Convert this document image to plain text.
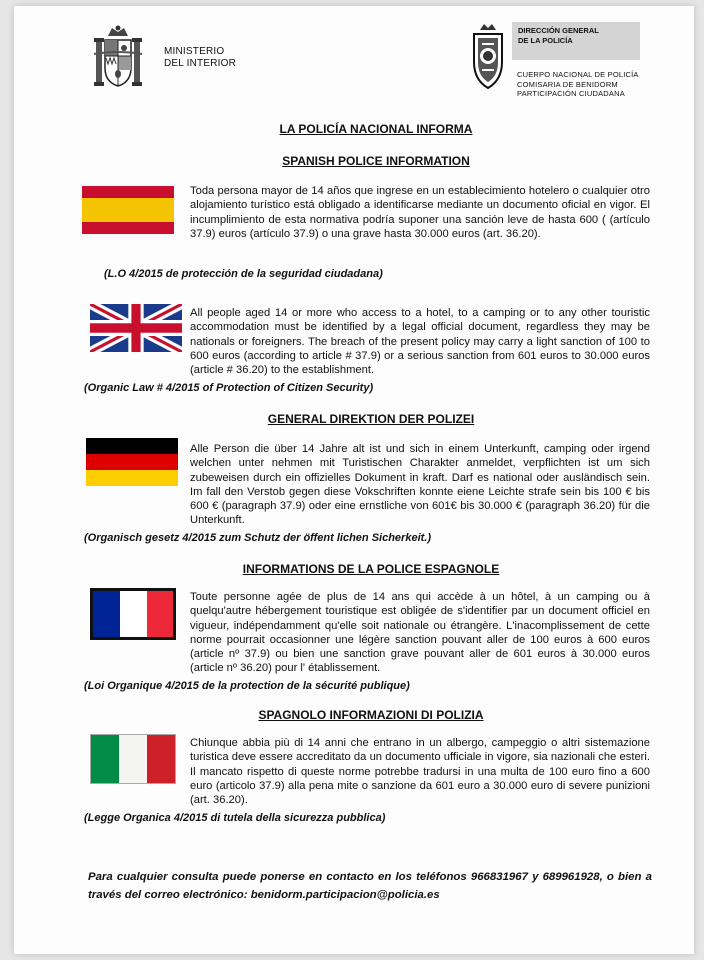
MINISTERIO
DEL INTERIOR
DIRECCIÓN GENERAL
DE LA POLICÍA
CUERPO NACIONAL DE POLICÍA
COMISARIA DE BENIDORM
PARTICIPACIÓN CIUDADANA
LA POLICÍA NACIONAL INFORMA
SPANISH POLICE INFORMATION
Toda persona mayor de 14 años que ingrese en un establecimiento hotelero o cualquier otro alojamiento turístico está obligado a identificarse mediante un documento oficial en vigor. El incumplimiento de esta normativa podría suponer una sanción leve de hasta 600 ( (artículo 37.9) euros (artículo 37.9) o una grave hasta 30.000 euros (art. 36.20).
(L.O 4/2015 de protección de la seguridad ciudadana)
All people aged 14 or more who access to a hotel, to a camping or to any other touristic accommodation must be identified by a legal official document, regardless they may be nationals or foreigners. The breach of the present policy may carry a light sanction of 100 to 600 euros (according to article # 37.9) or a serious sanction from 601 euros to 30.000 euros (article # 36.20) to the establishment.
(Organic Law # 4/2015 of Protection of Citizen Security)
GENERAL DIREKTION DER POLIZEI
Alle Person die über 14 Jahre alt ist und sich in einem Unterkunft, camping oder irgend welchen unter nehmen mit Turistischen Charakter anmeldet, verpflichten ist um sich zubeweisen durch ein offizielles Dokument in kraft. Darf es national oder ausländisch sein. Im fall den Verstob gegen diese Vokschriften konnte eiene Leichte strafe sein bis 100 € bis 600 € (paragraph 37.9) oder eine ernstliche von 601€ bis 30.000 € (paragraph 36.20) für die Unterkunft.
(Organisch gesetz 4/2015 zum Schutz der öffent lichen Sicherkeit.)
INFORMATIONS DE LA POLICE ESPAGNOLE
Toute personne agée de plus de 14 ans qui accède à un hôtel, à un camping ou à quelqu'autre hébergement touristique est obligée de s'identifier par un document officiel en vigueur, indépendamment qu'elle soit nationale ou étrangère. L'inacomplissement de cette norme pourrait occasionner une légère sanction pouvant aller de 100 euros à 600 euros (article nº 37.9) ou bien une sanction grave pouvant aller de 601 euros à 30.000 euros (article nº 36.20) pour l' établissement.
(Loi Organique 4/2015 de la protection de la sécurité publique)
SPAGNOLO INFORMAZIONI DI POLIZIA
Chiunque abbia più di 14 anni che entrano in un albergo, campeggio o altri sistemazione turistica deve essere accreditato da un documento ufficiale in vigore, sia nazionali che esteri. Il mancato rispetto di queste norme potrebbe tradursi in una multa de 100 euro fino a 600 euro (articolo 37.9) alla pena mite o sanzione da 601 euro a 30.000 euro di severe punizioni (art. 36.20).
(Legge Organica 4/2015 di tutela della sicurezza pubblica)
Para cualquier consulta puede ponerse en contacto en los teléfonos 966831967 y 689961928, o bien a través del correo electrónico: benidorm.participacion@policia.es
